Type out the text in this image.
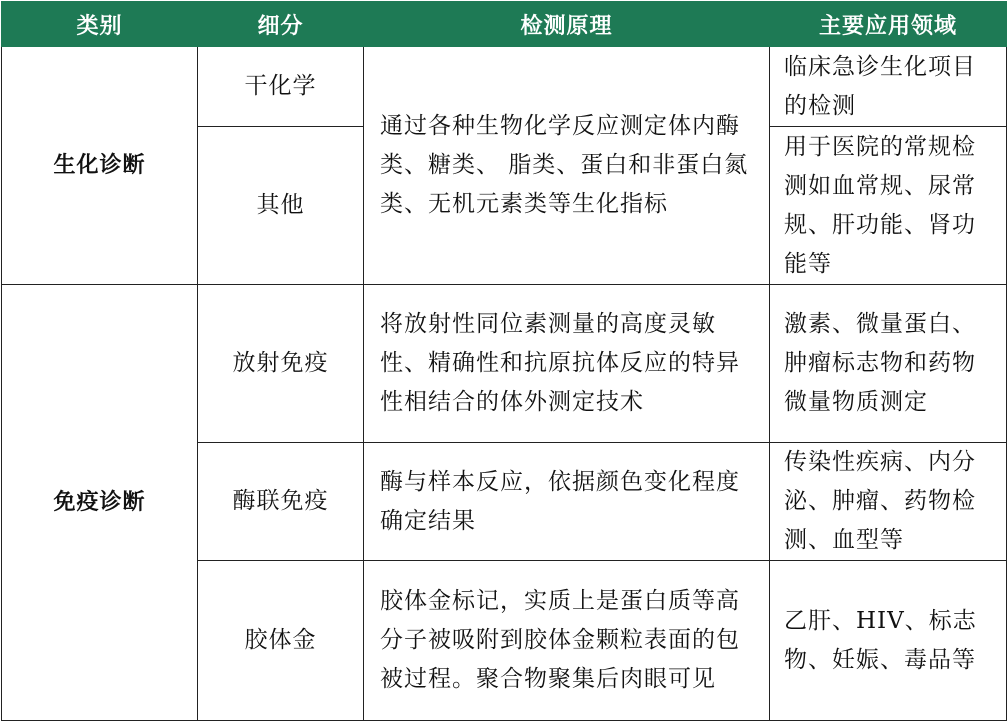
类别	细分	检测原理	主要应用领域
生化诊断	干化学	通过各种生物化学反应测定体内酶类、糖类、 脂类、蛋白和非蛋白氮类、无机元素类等生化指标	临床急诊生化项目的检测
	其他		用于医院的常规检测如血常规、尿常规、肝功能、肾功能等
免疫诊断	放射免疫	将放射性同位素测量的高度灵敏性、精确性和抗原抗体反应的特异性相结合的体外测定技术	激素、微量蛋白、肿瘤标志物和药物微量物质测定
	酶联免疫	酶与样本反应，依据颜色变化程度确定结果	传染性疾病、内分泌、肿瘤、药物检测、血型等
	胶体金	胶体金标记，实质上是蛋白质等高分子被吸附到胶体金颗粒表面的包被过程。聚合物聚集后肉眼可见	乙肝、HIV、标志物、妊娠、毒品等
